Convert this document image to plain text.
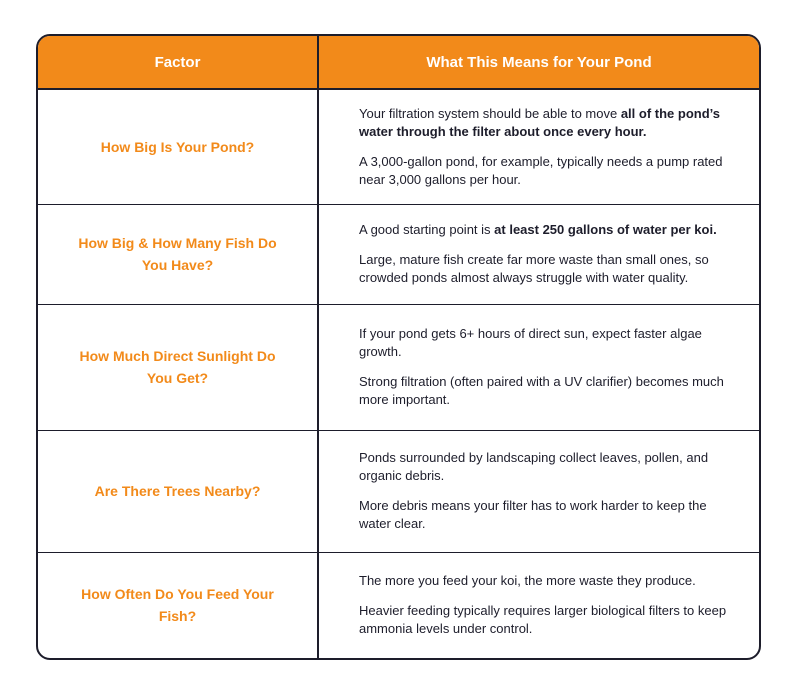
Factor	What This Means for Your Pond
How Big Is Your Pond?	Your filtration system should be able to move all of the pond’s water through the filter about once every hour.

A 3,000-gallon pond, for example, typically needs a pump rated near 3,000 gallons per hour.

How Big & How Many Fish Do You Have?	A good starting point is at least 250 gallons of water per koi.

Large, mature fish create far more waste than small ones, so crowded ponds almost always struggle with water quality.

How Much Direct Sunlight Do You Get?	If your pond gets 6+ hours of direct sun, expect faster algae growth.

Strong filtration (often paired with a UV clarifier) becomes much more important.

Are There Trees Nearby?	Ponds surrounded by landscaping collect leaves, pollen, and organic debris.

More debris means your filter has to work harder to keep the water clear.

How Often Do You Feed Your Fish?	The more you feed your koi, the more waste they produce.

Heavier feeding typically requires larger biological filters to keep ammonia levels under control.
